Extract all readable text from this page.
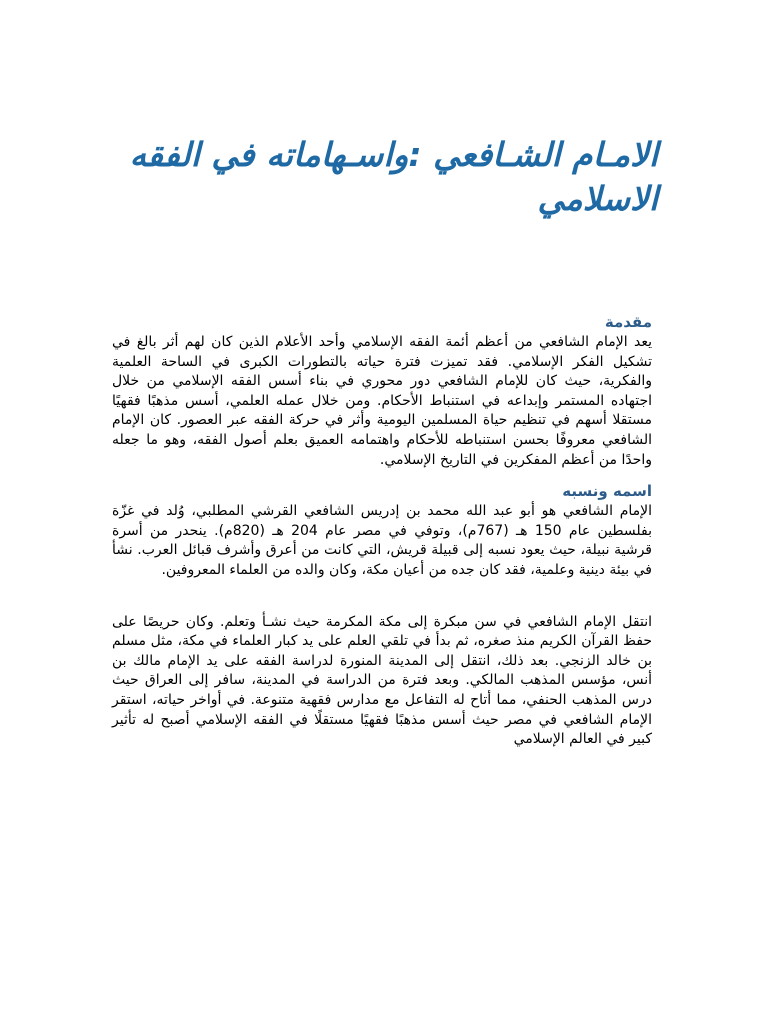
الامـام الشـافعي :واسـهاماته في الفقه الاسلامي
مقدمة

يعد الإمام الشافعي من أعظم أئمة الفقه الإسلامي وأحد الأعلام الذين كان لهم أثر بالغ في تشكيل الفكر الإسلامي. فقد تميزت فترة حياته بالتطورات الكبرى في الساحة العلمية والفكرية، حيث كان للإمام الشافعي دور محوري في بناء أسس الفقه الإسلامي من خلال اجتهاده المستمر وإبداعه في استنباط الأحكام. ومن خلال عمله العلمي، أسس مذهبًا فقهيًا مستقلا أسهم في تنظيم حياة المسلمين اليومية وأثر في حركة الفقه عبر العصور. كان الإمام الشافعي معروفًا بحسن استنباطه للأحكام واهتمامه العميق بعلم أصول الفقه، وهو ما جعله واحدًا من أعظم المفكرين في التاريخ الإسلامي.

اسمه ونسبه

الإمام الشافعي هو أبو عبد الله محمد بن إدريس الشافعي القرشي المطلبي، وُلد في غزّة بفلسطين عام 150 هـ (767م)، وتوفي في مصر عام 204 هـ (820م). ينحدر من أسرة قرشية نبيلة، حيث يعود نسبه إلى قبيلة قريش، التي كانت من أعرق وأشرف قبائل العرب. نشأ في بيئة دينية وعلمية، فقد كان جده من أعيان مكة، وكان والده من العلماء المعروفين.

انتقل الإمام الشافعي في سن مبكرة إلى مكة المكرمة حيث نشـأ وتعلم. وكان حريصًا على حفظ القرآن الكريم منذ صغره، ثم بدأ في تلقي العلم على يد كبار العلماء في مكة، مثل مسلم بن خالد الزنجي. بعد ذلك، انتقل إلى المدينة المنورة لدراسة الفقه على يد الإمام مالك بن أنس، مؤسس المذهب المالكي. وبعد فترة من الدراسة في المدينة، سافر إلى العراق حيث درس المذهب الحنفي، مما أتاح له التفاعل مع مدارس فقهية متنوعة. في أواخر حياته، استقر الإمام الشافعي في مصر حيث أسس مذهبًا فقهيًا مستقلًا في الفقه الإسلامي أصبح له تأثير كبير في العالم الإسلامي
